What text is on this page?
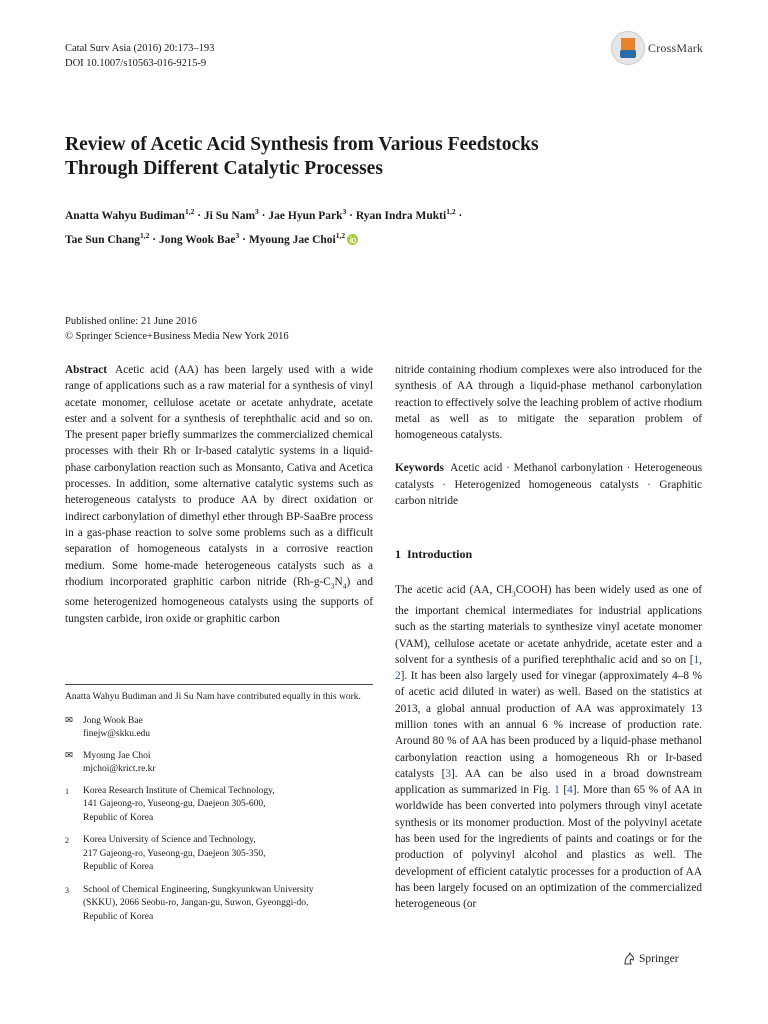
Catal Surv Asia (2016) 20:173–193
DOI 10.1007/s10563-016-9215-9
CrossMark
Review of Acetic Acid Synthesis from Various Feedstocks
Through Different Catalytic Processes
Anatta Wahyu Budiman$^{1,2}$ · Ji Su Nam$^3$ · Jae Hyun Park$^3$ · Ryan Indra Mukti$^{1,2}$ ·
Tae Sun Chang$^{1,2}$ · Jong Wook Bae$^3$ · Myoung Jae Choi$^{1,2}$
Published online: 21 June 2016
© Springer Science+Business Media New York 2016

Abstract Acetic acid (AA) has been largely used with a wide range of applications such as a raw material for a synthesis of vinyl acetate monomer, cellulose acetate or acetate anhydrate, acetate ester and a solvent for a synthesis of terephthalic acid and so on. The present paper briefly summarizes the commercialized chemical processes with their Rh or Ir-based catalytic systems in a liquid-phase carbonylation reaction such as Monsanto, Cativa and Acetica processes. In addition, some alternative catalytic systems such as heterogeneous catalysts to produce AA by direct oxidation or indirect carbonylation of dimethyl ether through BP-SaaBre process in a gas-phase reaction to solve some problems such as a difficult separation of homogeneous catalysts in a corrosive reaction medium. Some home-made heterogeneous catalysts such as a rhodium incorporated graphitic carbon nitride $(Rh-g-C_3N_4)$ and some heterogenized homogeneous catalysts using the supports of tungsten carbide, iron oxide or graphitic carbon

Anatta Wahyu Budiman and Ji Su Nam have contributed equally in this work.

✉	Jong Wook Bae
finejw@skku.edu
✉	Myoung Jae Choi
mjchoi@krict.re.kr
1	Korea Research Institute of Chemical Technology,
141 Gajeong-ro, Yuseong-gu, Daejeon 305-600,
Republic of Korea
2	Korea University of Science and Technology,
217 Gajeong-ro, Yuseong-gu, Daejeon 305-350,
Republic of Korea
3	School of Chemical Engineering, Sungkyunkwan University
(SKKU), 2066 Seobu-ro, Jangan-gu, Suwon, Gyeonggi-do,
Republic of Korea

nitride containing rhodium complexes were also introduced for the synthesis of AA through a liquid-phase methanol carbonylation reaction to effectively solve the leaching problem of active rhodium metal as well as to mitigate the separation problem of homogeneous catalysts.

Keywords Acetic acid · Methanol carbonylation · Heterogeneous catalysts · Heterogenized homogeneous catalysts · Graphitic carbon nitride

1 Introduction

The acetic acid (AA, $CH_3COOH$) has been widely used as one of the important chemical intermediates for industrial applications such as the starting materials to synthesize vinyl acetate monomer (VAM), cellulose acetate or acetate anhydride, acetate ester and a solvent for a synthesis of a purified terephthalic acid and so on [1, 2]. It has been also largely used for vinegar (approximately 4–8 % of acetic acid diluted in water) as well. Based on the statistics at 2013, a global annual production of AA was approximately 13 million tones with an annual 6 % increase of production rate. Around 80 % of AA has been produced by a liquid-phase methanol carbonylation reaction using a homogeneous Rh or Ir-based catalysts [3]. AA can be also used in a broad downstream application as summarized in Fig. 1 [4]. More than 65 % of AA in worldwide has been converted into polymers through vinyl acetate synthesis or its monomer production. Most of the polyvinyl acetate has been used for the ingredients of paints and coatings or for the production of polyvinyl alcohol and plastics as well. The development of efficient catalytic processes for a production of AA has been largely focused on an optimization of the commercialized heterogeneous (or

Springer
